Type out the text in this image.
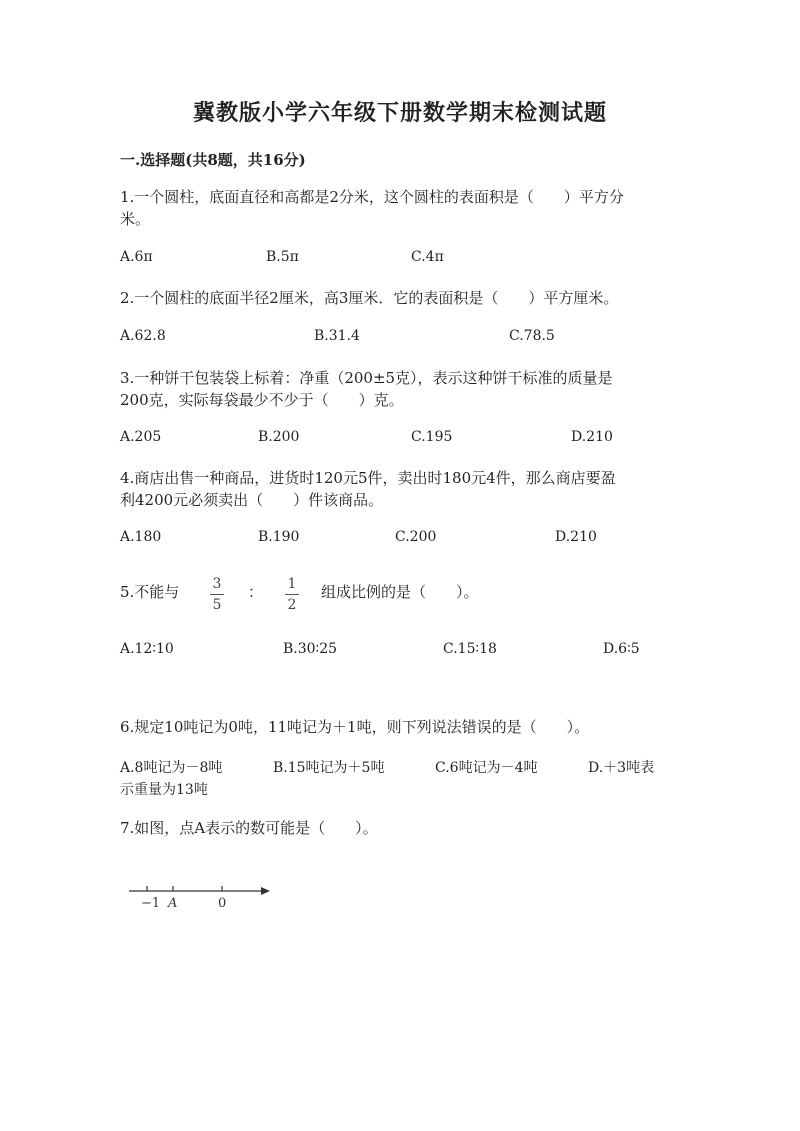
冀教版小学六年级下册数学期末检测试题
一.选择题(共8题，共16分)
1.一个圆柱，底面直径和高都是2分米，这个圆柱的表面积是（　　）平方分
米。
A.6π	B.5π	C.4π
2.一个圆柱的底面半径2厘米，高3厘米．它的表面积是（　　）平方厘米。
A.62.8	B.31.4	C.78.5
3.一种饼干包装袋上标着：净重（200±5克），表示这种饼干标准的质量是
200克，实际每袋最少不少于（　　）克。
A.205	B.200	C.195	D.210
4.商店出售一种商品，进货时120元5件，卖出时180元4件，那么商店要盈
利4200元必须卖出（　　）件该商品。
A.180	B.190	C.200	D.210
5.不能与 3
5
： 1
2
组成比例的是（　　）。
A.12∶10	B.30∶25	C.15∶18	D.6∶5
6.规定10吨记为0吨，11吨记为＋1吨，则下列说法错误的是（　　）。
A.8吨记为－8吨	B.15吨记为＋5吨	C.6吨记为－4吨	D.＋3吨表
示重量为13吨
7.如图，点A表示的数可能是（　　）。
−1 A	0
